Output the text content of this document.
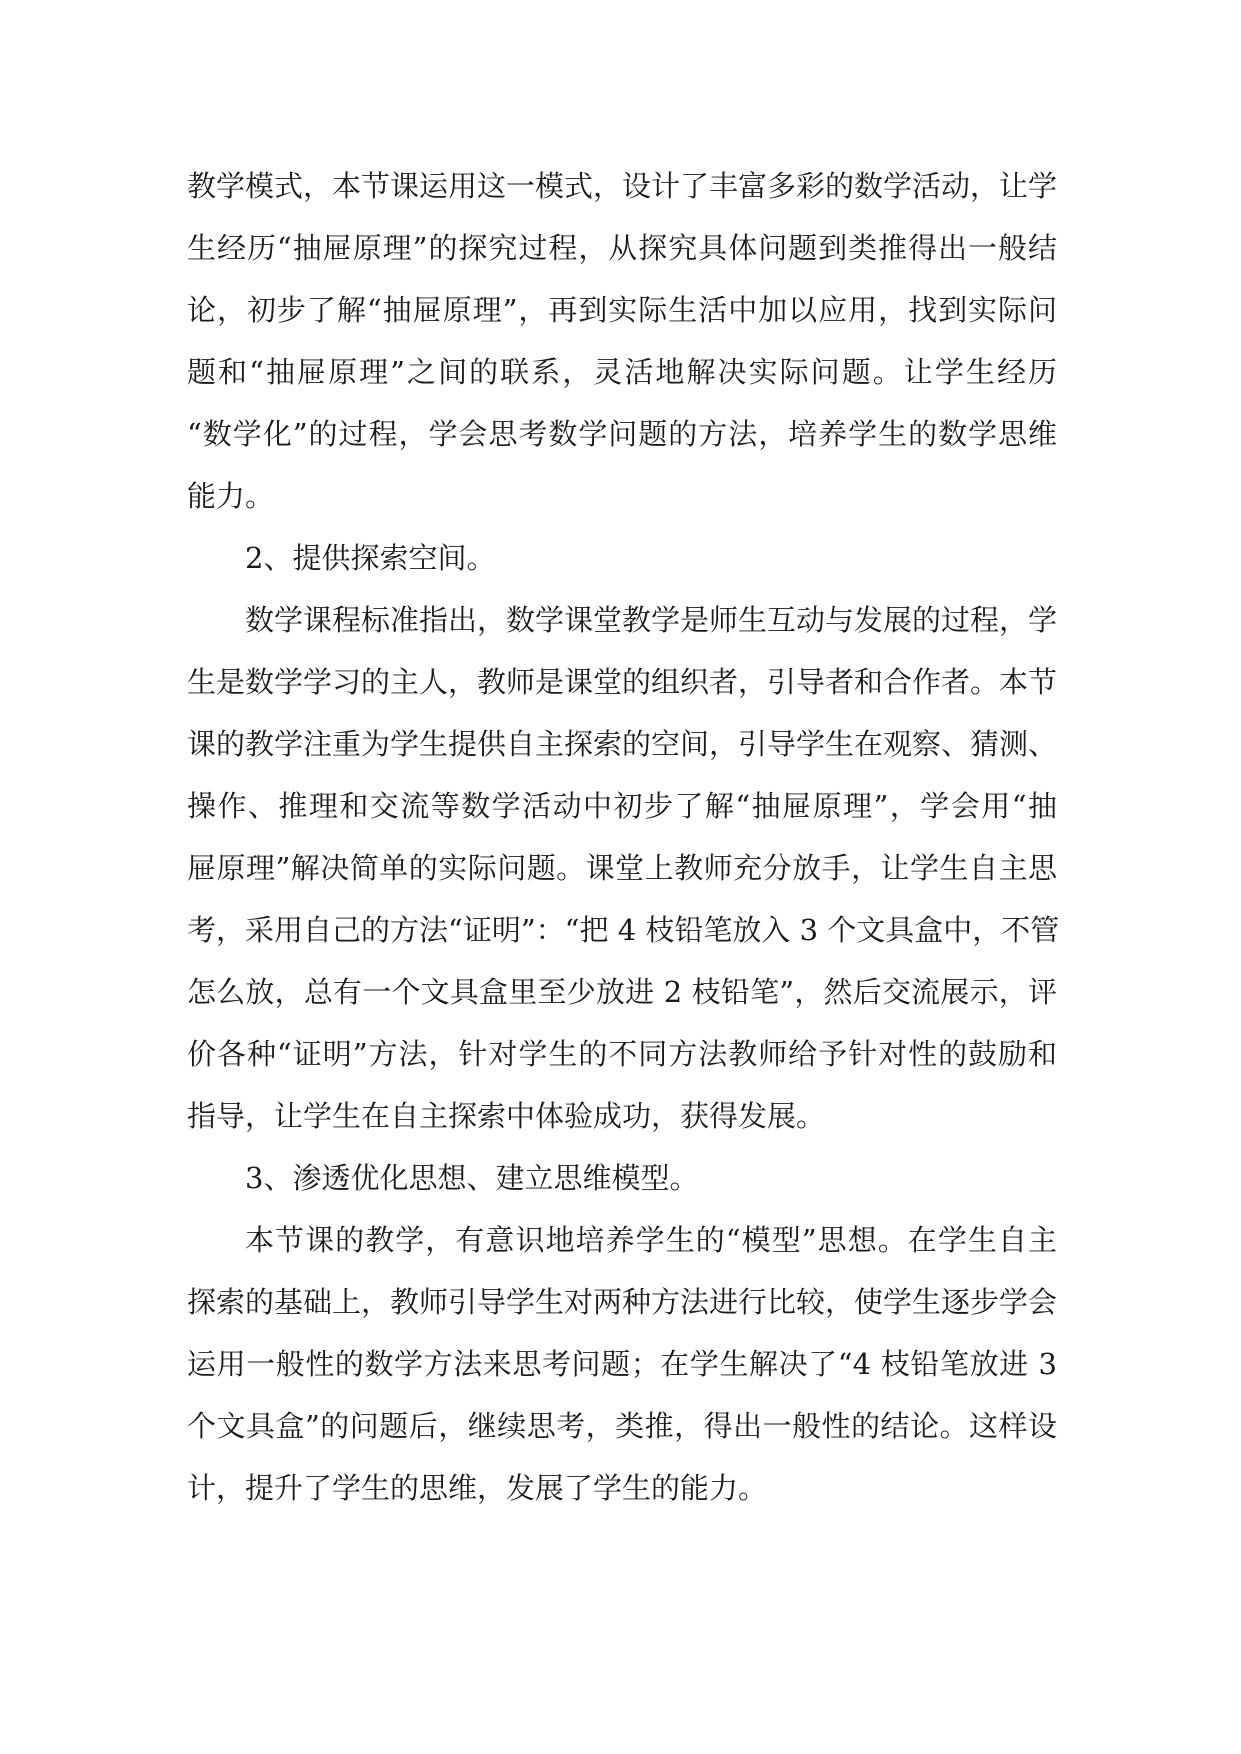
教学模式，本节课运用这一模式，设计了丰富多彩的数学活动，让学
生经历“抽屉原理”的探究过程，从探究具体问题到类推得出一般结
论，初步了解“抽屉原理”，再到实际生活中加以应用，找到实际问
题和“抽屉原理”之间的联系，灵活地解决实际问题。让学生经历
“数学化”的过程，学会思考数学问题的方法，培养学生的数学思维
能力。
2、提供探索空间。
数学课程标准指出，数学课堂教学是师生互动与发展的过程，学
生是数学学习的主人，教师是课堂的组织者，引导者和合作者。本节
课的教学注重为学生提供自主探索的空间，引导学生在观察、猜测、
操作、推理和交流等数学活动中初步了解“抽屉原理”，学会用“抽
屉原理”解决简单的实际问题。课堂上教师充分放手，让学生自主思
考，采用自己的方法“证明”：“把 4 枝铅笔放入 3 个文具盒中，不管
怎么放，总有一个文具盒里至少放进 2 枝铅笔”，然后交流展示，评
价各种“证明”方法，针对学生的不同方法教师给予针对性的鼓励和
指导，让学生在自主探索中体验成功，获得发展。
3、渗透优化思想、建立思维模型。
本节课的教学，有意识地培养学生的“模型”思想。在学生自主
探索的基础上，教师引导学生对两种方法进行比较，使学生逐步学会
运用一般性的数学方法来思考问题；在学生解决了“4 枝铅笔放进 3
个文具盒”的问题后，继续思考，类推，得出一般性的结论。这样设
计，提升了学生的思维，发展了学生的能力。
